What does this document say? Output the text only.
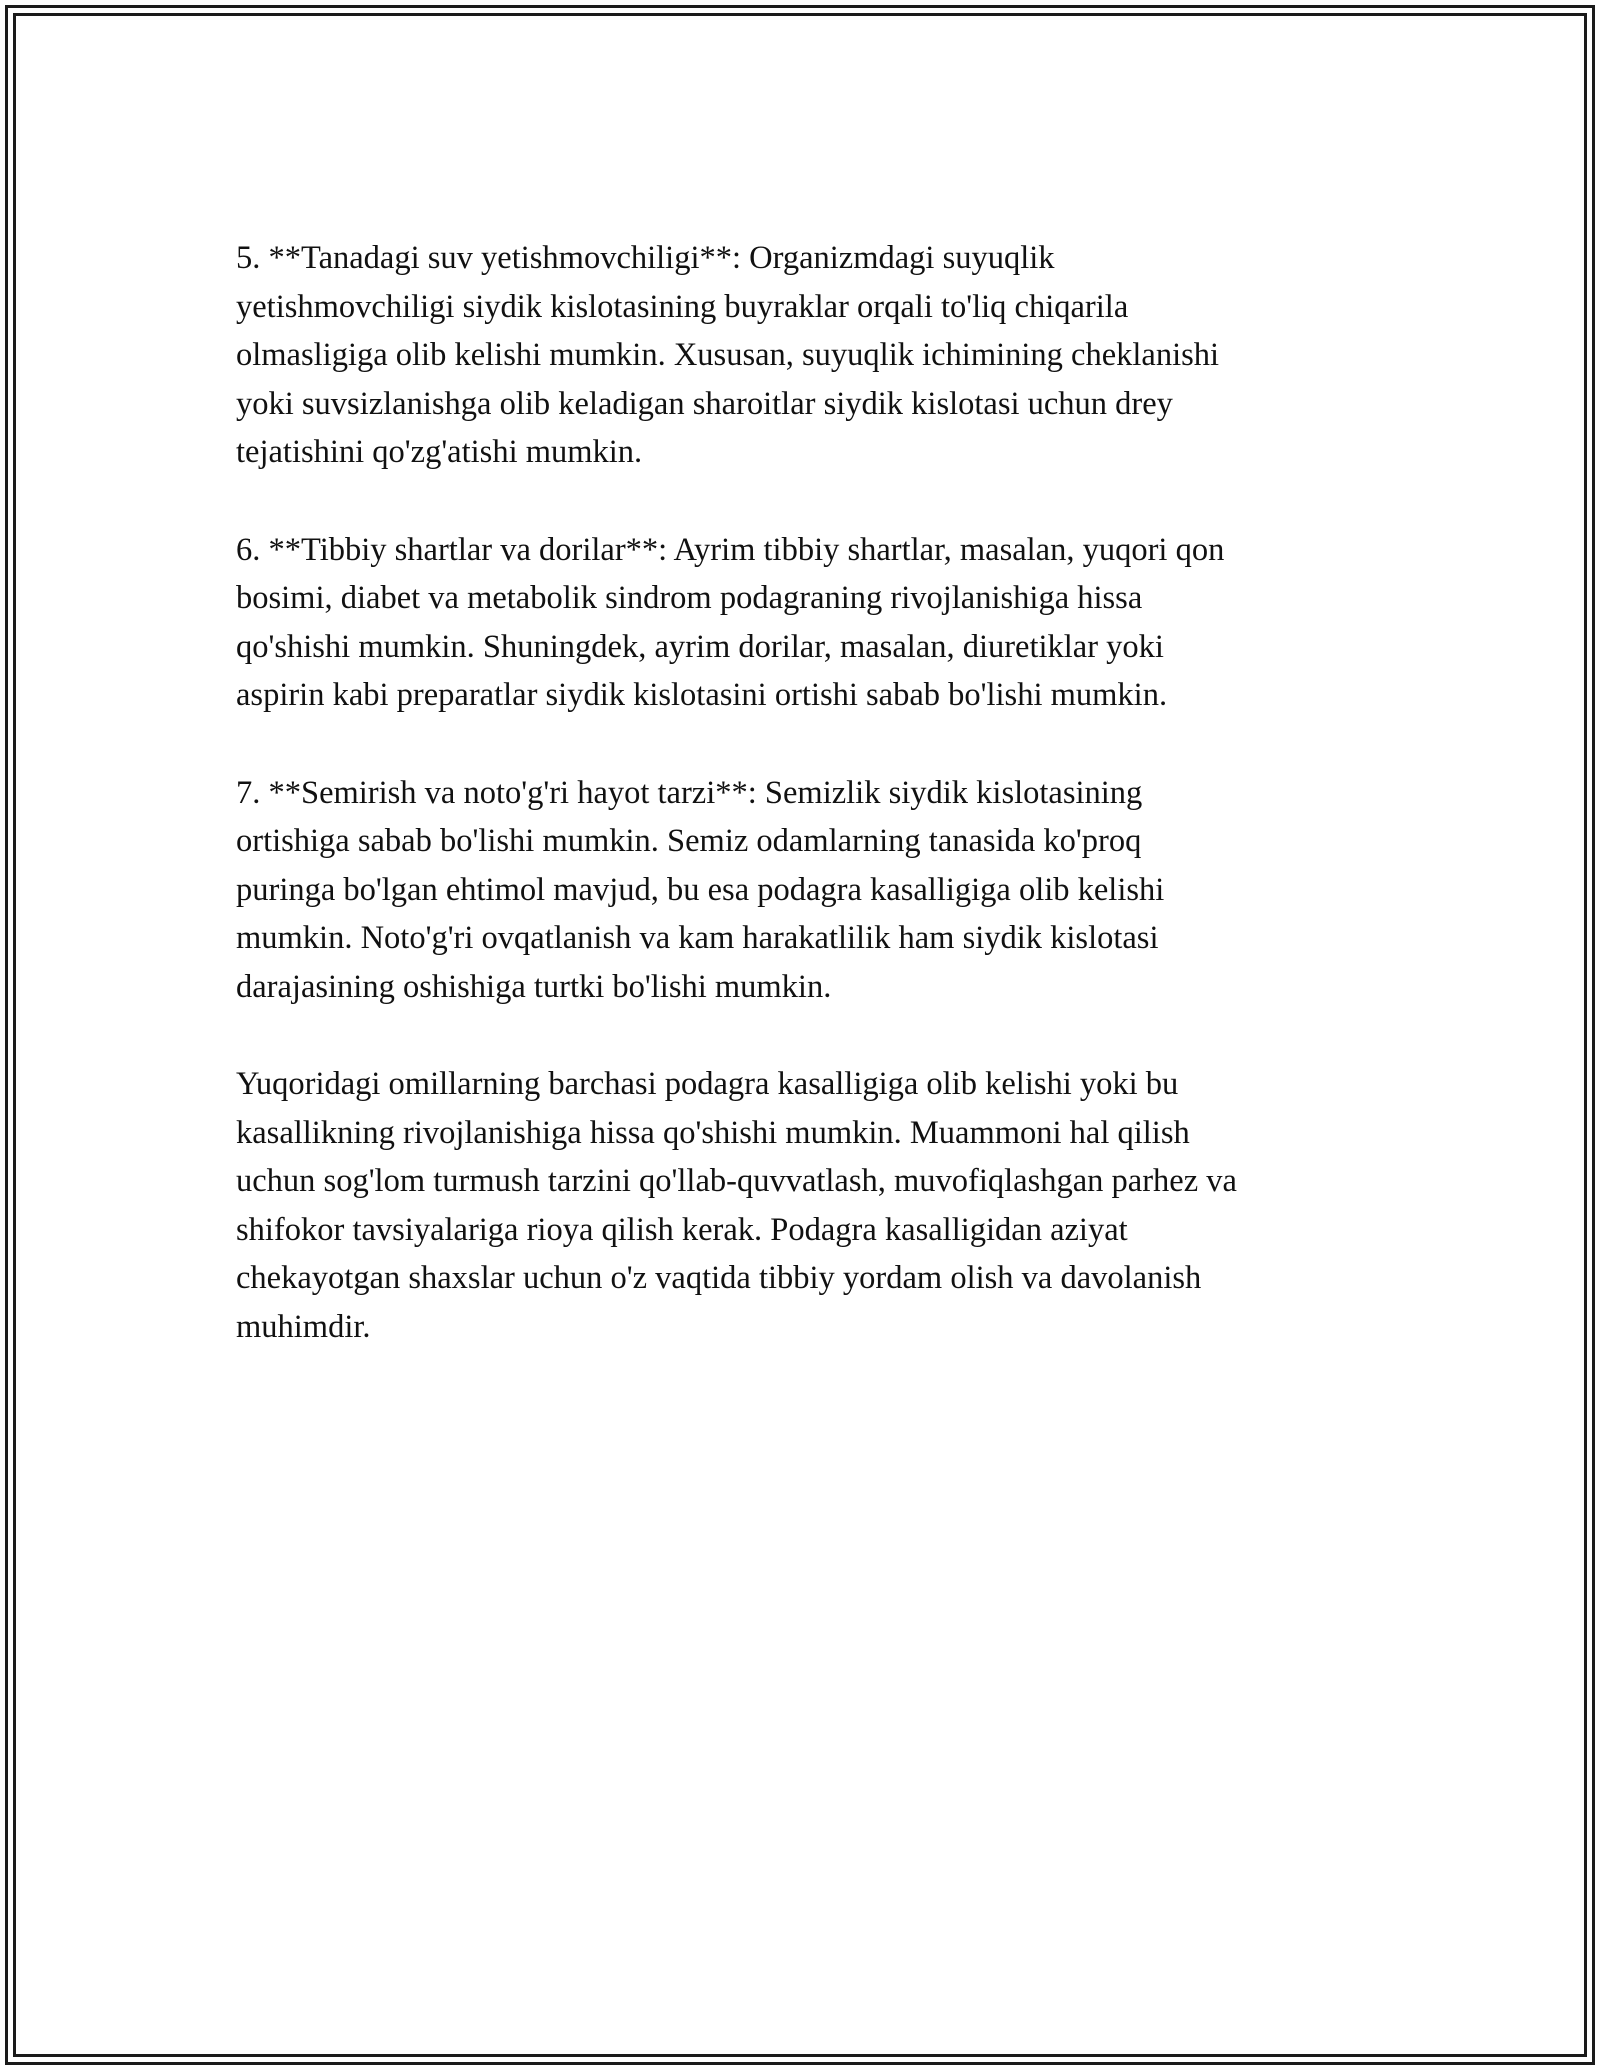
5. **Tanadagi suv yetishmovchiligi**: Organizmdagi suyuqlik
yetishmovchiligi siydik kislotasining buyraklar orqali to'liq chiqarila
olmasligiga olib kelishi mumkin. Xususan, suyuqlik ichimining cheklanishi
yoki suvsizlanishga olib keladigan sharoitlar siydik kislotasi uchun drey
tejatishini qo'zg'atishi mumkin.

6. **Tibbiy shartlar va dorilar**: Ayrim tibbiy shartlar, masalan, yuqori qon
bosimi, diabet va metabolik sindrom podagraning rivojlanishiga hissa
qo'shishi mumkin. Shuningdek, ayrim dorilar, masalan, diuretiklar yoki
aspirin kabi preparatlar siydik kislotasini ortishi sabab bo'lishi mumkin.

7. **Semirish va noto'g'ri hayot tarzi**: Semizlik siydik kislotasining
ortishiga sabab bo'lishi mumkin. Semiz odamlarning tanasida ko'proq
puringa bo'lgan ehtimol mavjud, bu esa podagra kasalligiga olib kelishi
mumkin. Noto'g'ri ovqatlanish va kam harakatlilik ham siydik kislotasi
darajasining oshishiga turtki bo'lishi mumkin.

Yuqoridagi omillarning barchasi podagra kasalligiga olib kelishi yoki bu
kasallikning rivojlanishiga hissa qo'shishi mumkin. Muammoni hal qilish
uchun sog'lom turmush tarzini qo'llab-quvvatlash, muvofiqlashgan parhez va
shifokor tavsiyalariga rioya qilish kerak. Podagra kasalligidan aziyat
chekayotgan shaxslar uchun o'z vaqtida tibbiy yordam olish va davolanish
muhimdir.
